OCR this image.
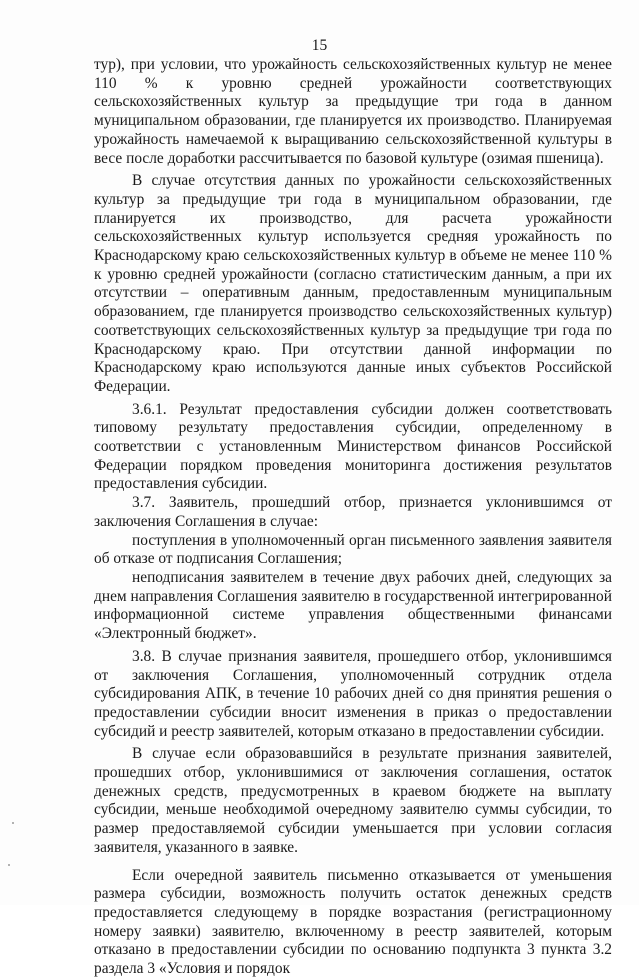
15

тур), при условии, что урожайность сельскохозяйственных культур не менее 110 % к уровню средней урожайности соответствующих сельскохозяйственных культур за предыдущие три года в данном муниципальном образовании, где планируется их производство. Планируемая урожайность намечаемой к выращиванию сельскохозяйственной культуры в весе после доработки рассчитывается по базовой культуре (озимая пшеница).

В случае отсутствия данных по урожайности сельскохозяйственных культур за предыдущие три года в муниципальном образовании, где планируется их производство, для расчета урожайности сельскохозяйственных культур используется средняя урожайность по Краснодарскому краю сельскохозяйственных культур в объеме не менее 110 % к уровню средней урожайности (согласно статистическим данным, а при их отсутствии – оперативным данным, предоставленным муниципальным образованием, где планируется производство сельскохозяйственных культур) соответствующих сельскохозяйственных культур за предыдущие три года по Краснодарскому краю. При отсутствии данной информации по Краснодарскому краю используются данные иных субъектов Российской Федерации.

3.6.1. Результат предоставления субсидии должен соответствовать типовому результату предоставления субсидии, определенному в соответствии с установленным Министерством финансов Российской Федерации порядком проведения мониторинга достижения результатов предоставления субсидии.

3.7. Заявитель, прошедший отбор, признается уклонившимся от заключения Соглашения в случае:

поступления в уполномоченный орган письменного заявления заявителя об отказе от подписания Соглашения;

неподписания заявителем в течение двух рабочих дней, следующих за днем направления Соглашения заявителю в государственной интегрированной информационной системе управления общественными финансами «Электронный бюджет».

3.8. В случае признания заявителя, прошедшего отбор, уклонившимся от заключения Соглашения, уполномоченный сотрудник отдела субсидирования АПК, в течение 10 рабочих дней со дня принятия решения о предоставлении субсидии вносит изменения в приказ о предоставлении субсидий и реестр заявителей, которым отказано в предоставлении субсидии.

В случае если образовавшийся в результате признания заявителей, прошедших отбор, уклонившимися от заключения соглашения, остаток денежных средств, предусмотренных в краевом бюджете на выплату субсидии, меньше необходимой очередному заявителю суммы субсидии, то размер предоставляемой субсидии уменьшается при условии согласия заявителя, указанного в заявке.

Если очередной заявитель письменно отказывается от уменьшения размера субсидии, возможность получить остаток денежных средств предоставляется следующему в порядке возрастания (регистрационному номеру заявки) заявителю, включенному в реестр заявителей, которым отказано в предоставлении субсидии по основанию подпункта 3 пункта 3.2 раздела 3 «Условия и порядок
